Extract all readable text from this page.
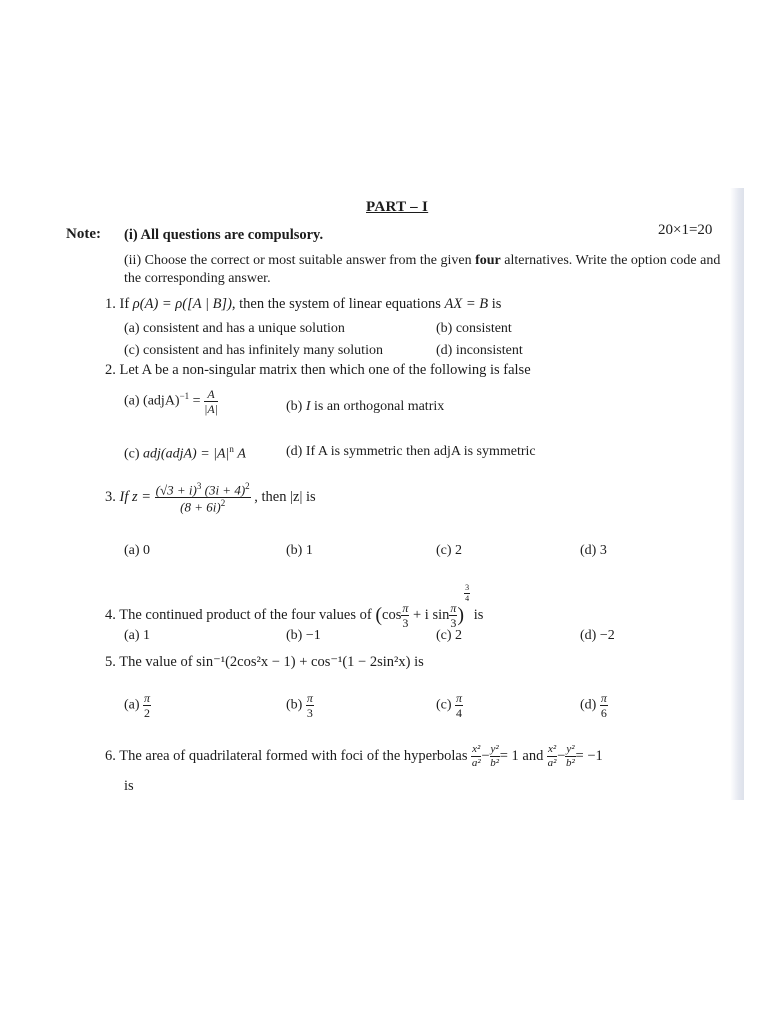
PART – I
Note: (i) All questions are compulsory.	20×1=20
(ii) Choose the correct or most suitable answer from the given four alternatives. Write the option code and the corresponding answer.
1. If ρ(A) = ρ([A | B]), then the system of linear equations AX = B is
(a) consistent and has a unique solution	(b) consistent
(c) consistent and has infinitely many solution	(d) inconsistent
2. Let A be a non-singular matrix then which one of the following is false
(a) (adjA)$^{-1}$ = $\frac{A}{|A|}$	(b) I is an orthogonal matrix
(c) adj(adjA) = $|A|^n$ A	(d) If A is symmetric then adjA is symmetric
3. If $z = \frac{(√3 + i)^3 (3i + 4)^2}{(8 + 6i)^2}$ , then |z| is
(a) 0	(b) 1	(c) 2	(d) 3
4. The continued product of the four values of ($\cos \frac{\pi}{3} + i$ $\sin \frac{\pi}{3}$ )
$\frac{3}{4}$
is
(a) 1	(b) −1	(c) 2	(d) −2
5. The value of sin⁻¹(2cos²x − 1) + cos⁻¹(1 − 2sin²x) is
$(a) \frac{\pi}{2}$	$(b) \frac{\pi}{3}$	$(c) \frac{\pi}{4}$	$(d) \frac{\pi}{6}$
6. The area of quadrilateral formed with foci of the hyperbolas $\frac{\text{x²}}{\text{a²}} - \frac{\text{y²}}{\text{b²}} = 1$ and $\frac{\text{x²}}{\text{a²}} - \frac{\text{y²}}{\text{b²}} = -1$
is
